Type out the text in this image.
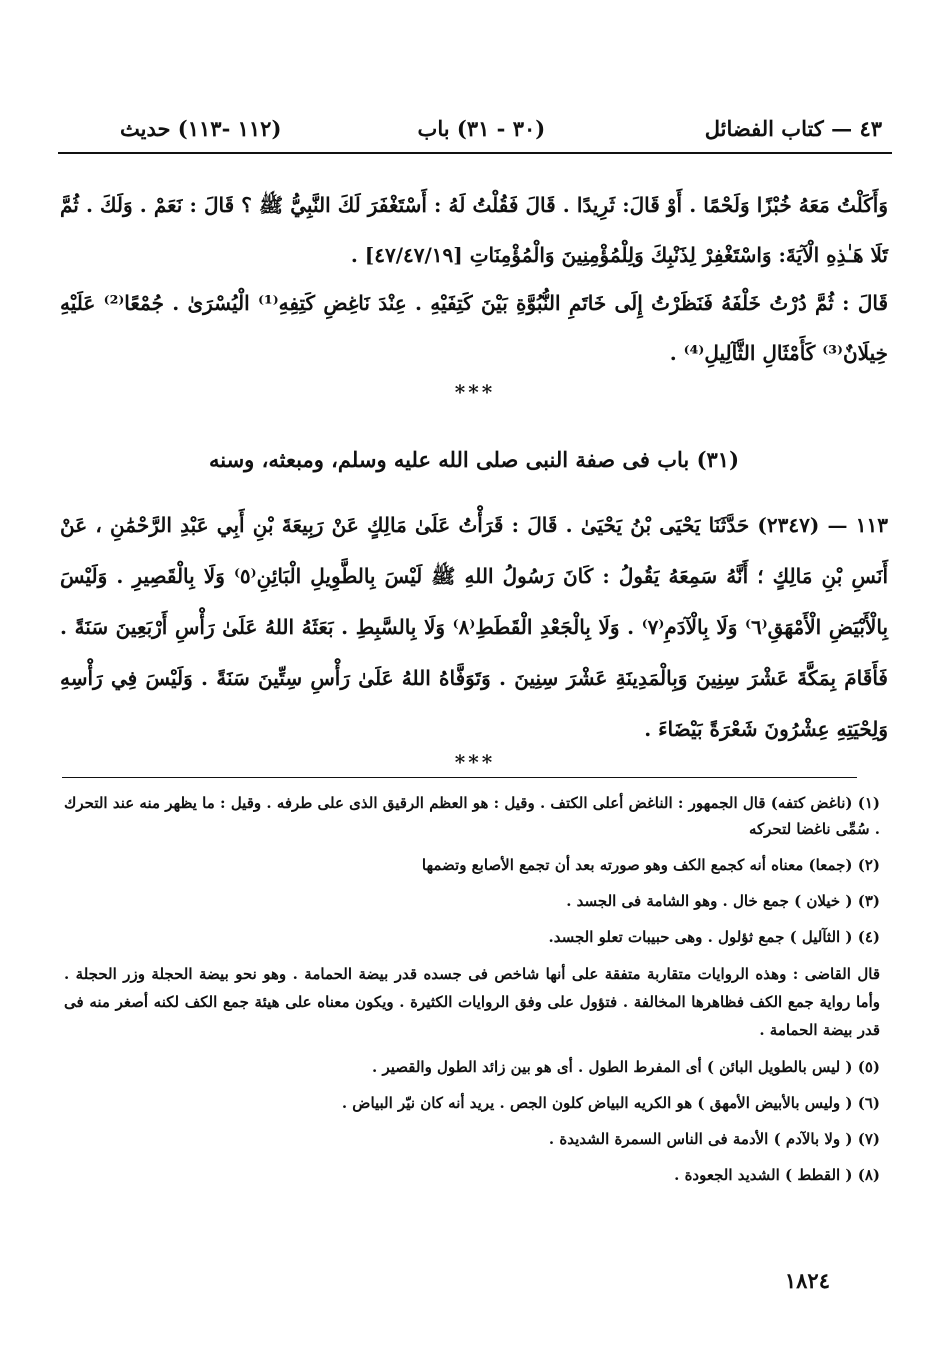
٤٣ — كتاب الفضائل
(٣٠ - ٣١) باب
(١١٢ -١١٣) حديث
وَأَكَلْتُ مَعَهُ خُبْزًا وَلَحْمًا . أَوْ قَالَ: ثَرِيدًا . قَالَ فَقُلْتُ لَهُ : أَسْتَغْفَرَ لَكَ النَّبِيُّ ﷺ ؟ قَالَ : نَعَمْ . وَلَكَ . ثُمَّ تَلَا هَـٰذِهِ الْآيَةَ: وَاسْتَغْفِرْ لِذَنْبِكَ وَلِلْمُؤْمِنِينَ وَالْمُؤْمِنَاتِ [٤٧/٤٧/١٩] .
قَالَ : ثُمَّ دُرْتُ خَلْفَهُ فَنَظَرْتُ إِلَى خَاتَمِ النُّبُوَّةِ بَيْنَ كَتِفَيْهِ . عِنْدَ نَاغِضِ كَتِفِهِ⁽¹⁾ الْيُسْرَىٰ . جُمْعًا⁽²⁾ عَلَيْهِ خِيلَانٌ⁽³⁾ كَأَمْثَالِ الثَّآلِيلِ⁽⁴⁾ .
*​**
(٣١) باب فى صفة النبى صلى الله عليه وسلم، ومبعثه، وسنه
١١٣ — (٢٣٤٧) حَدَّثَنَا يَحْيَى بْنُ يَحْيَىٰ . قَالَ : قَرَأْتُ عَلَىٰ مَالِكٍ عَنْ رَبِيعَةَ بْنِ أَبِي عَبْدِ الرَّحْمَٰنِ ، عَنْ أَنَسِ بْنِ مَالِكٍ ؛ أَنَّهُ سَمِعَهُ يَقُولُ : كَانَ رَسُولُ اللهِ ﷺ لَيْسَ بِالطَّوِيلِ الْبَائِنِ⁽٥⁾ وَلَا بِالْقَصِيرِ . وَلَيْسَ بِالْأَبْيَضِ الْأَمْهَقِ⁽٦⁾ وَلَا بِالْآدَمِ⁽٧⁾ . وَلَا بِالْجَعْدِ الْقَطَطِ⁽٨⁾ وَلَا بِالسَّبِطِ . بَعَثَهُ اللهُ عَلَىٰ رَأْسِ أَرْبَعِينَ سَنَةً . فَأَقَامَ بِمَكَّةَ عَشْرَ سِنِينَ وَبِالْمَدِينَةِ عَشْرَ سِنِينَ . وَتَوَفَّاهُ اللهُ عَلَىٰ رَأْسِ سِتِّينَ سَنَةً . وَلَيْسَ فِي رَأْسِهِ وَلِحْيَتِهِ عِشْرُونَ شَعْرَةً بَيْضَاءَ .
***

(١) (ناغض كتفه) قال الجمهور : الناغض أعلى الكتف . وقيل : هو العظم الرقيق الذى على طرفه . وقيل : ما يظهر منه عند التحرك . سُمِّى ناغضا لتحركه

(٢) (جمعا) معناه أنه كجمع الكف وهو صورته بعد أن تجمع الأصابع وتضمها

(٣) ( خيلان ) جمع خال . وهو الشامة فى الجسد .

(٤) ( الثآليل ) جمع ثؤلول . وهى حبيبات تعلو الجسد.

قال القاضى : وهذه الروايات متقاربة متفقة على أنها شاخص فى جسده قدر بيضة الحمامة . وهو نحو بيضة الحجلة وزر الحجلة . وأما رواية جمع الكف فظاهرها المخالفة . فتؤول على وفق الروايات الكثيرة . ويكون معناه على هيئة جمع الكف لكنه أصغر منه فى قدر بيضة الحمامة .

(٥) ( ليس بالطويل البائن ) أى المفرط الطول . أى هو بين زائد الطول والقصير .

(٦) ( وليس بالأبيض الأمهق ) هو الكريه البياض كلون الجص . يريد أنه كان نيّر البياض .

(٧) ( ولا بالآدم ) الأدمة فى الناس السمرة الشديدة .

(٨) ( القطط ) الشديد الجعودة .

١٨٢٤
